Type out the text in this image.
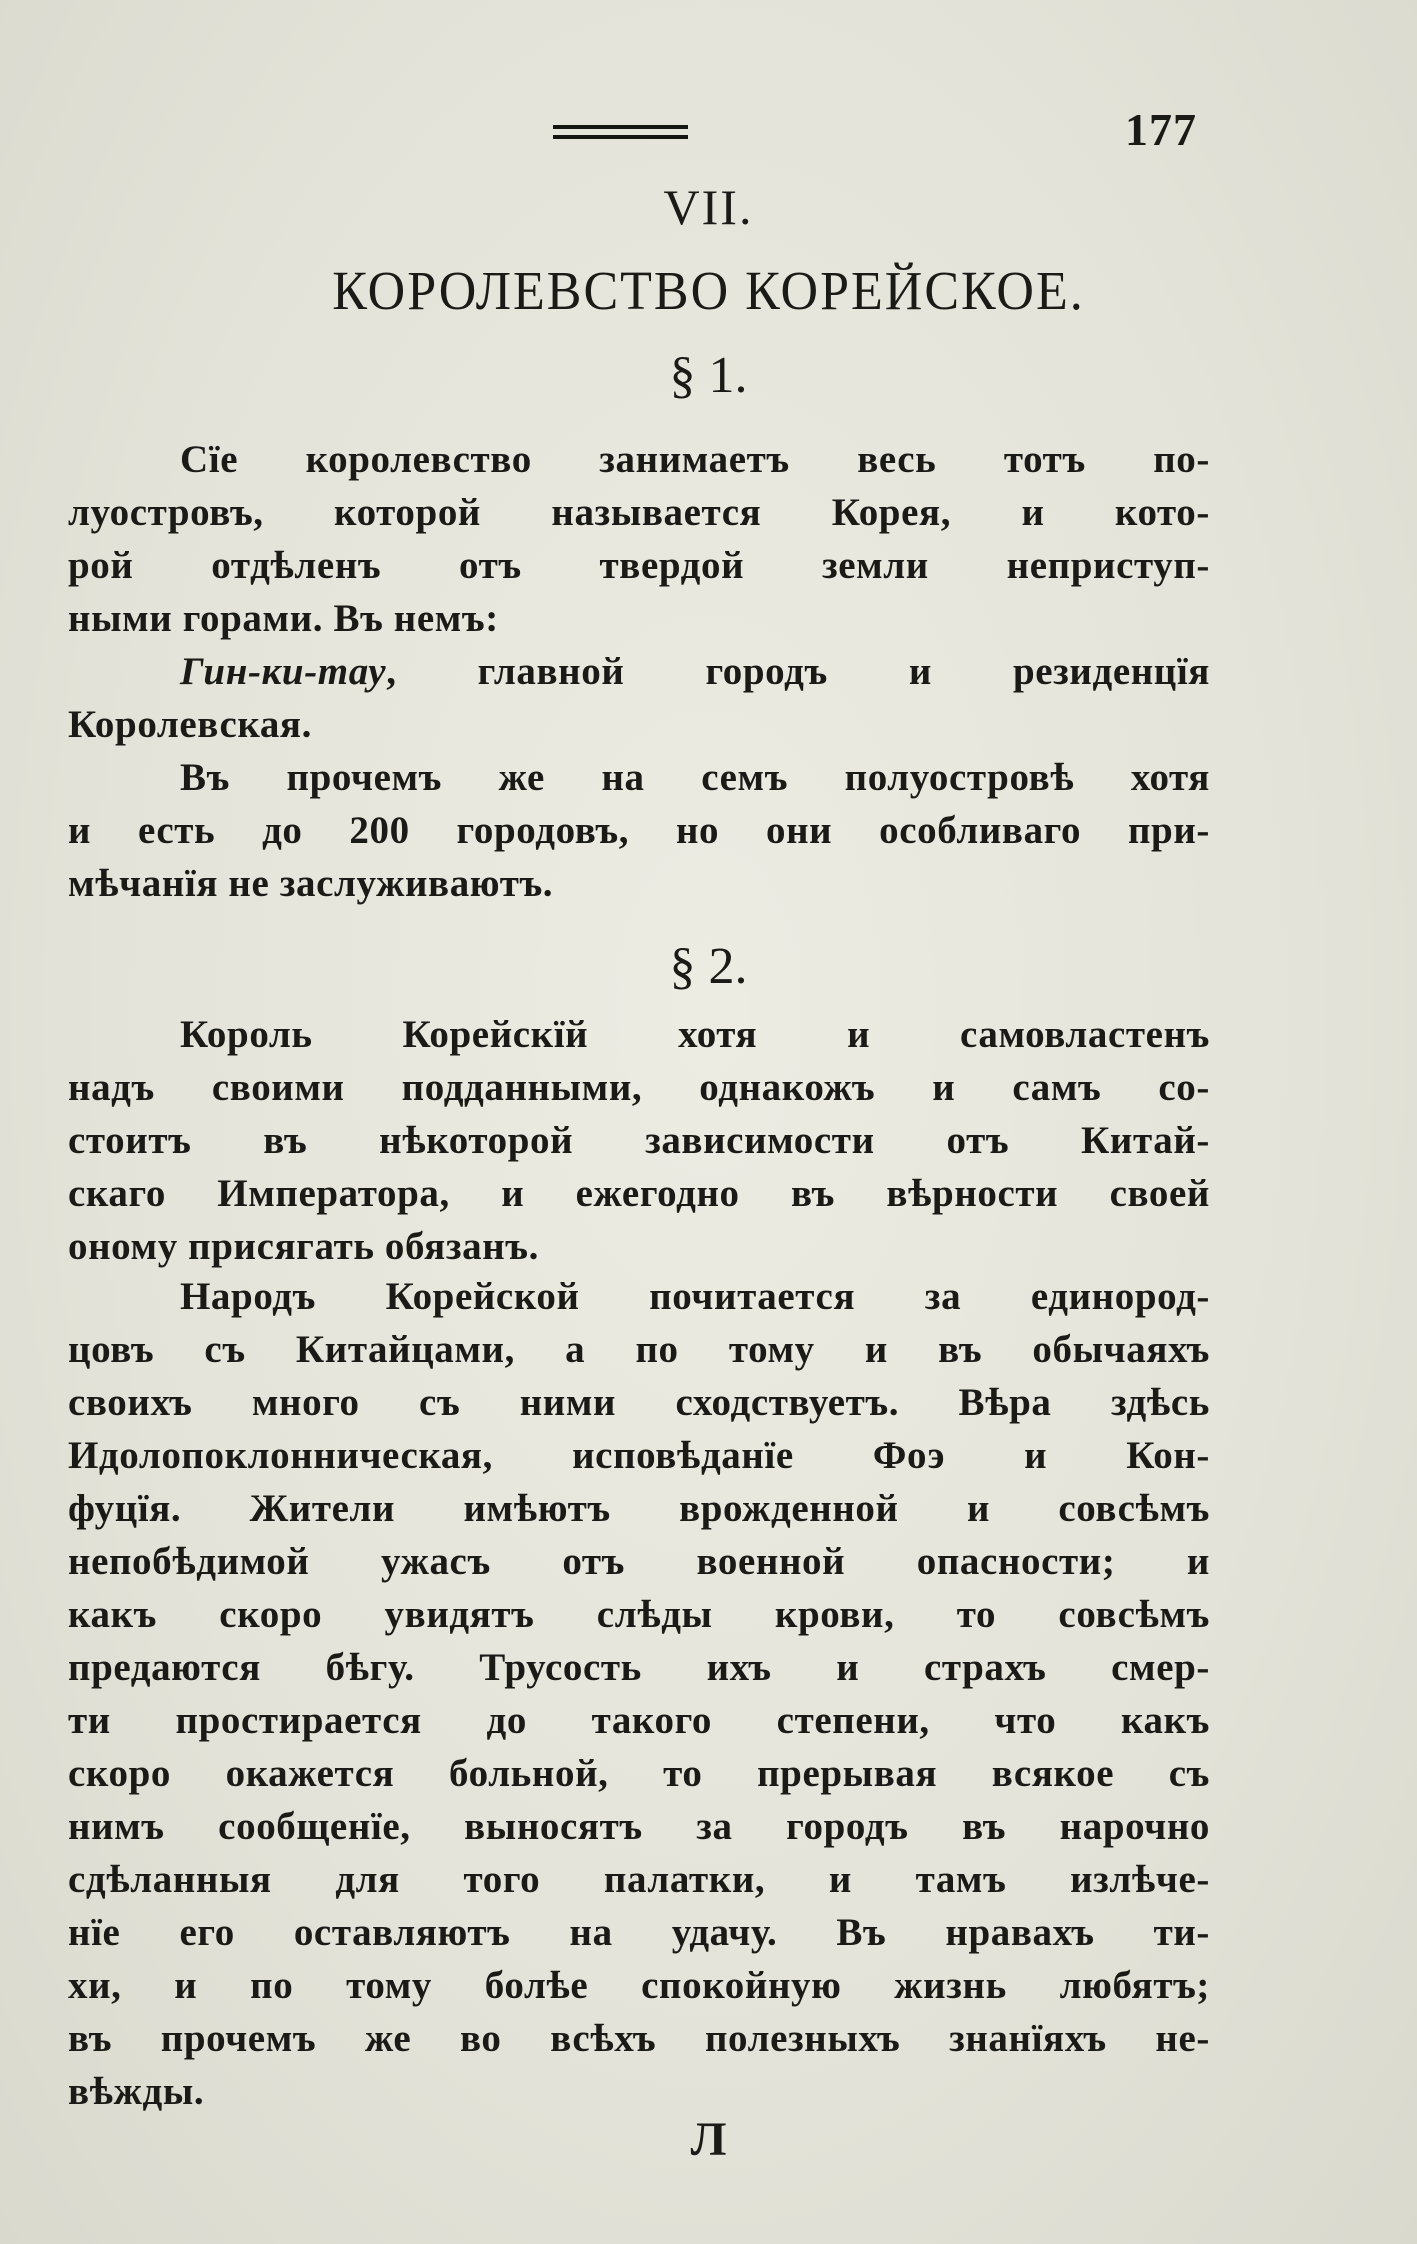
177
VII.
КОРОЛЕВСТВО КОРЕЙСКОЕ.
§ 1.
Сїе королевство занимаетъ весь тотъ по-
луостровъ, которой называется Корея, и кото-
рой отдѣленъ отъ твердой земли неприступ-
ными горами. Въ немъ:
Гин-ки-тау, главной городъ и резиденцїя
Королевская.
Въ прочемъ же на семъ полуостровѣ хотя
и есть до 200 городовъ, но они особливаго при-
мѣчанїя не заслуживаютъ.
§ 2.
Король Корейскїй хотя и самовластенъ
надъ своими подданными, однакожъ и самъ со-
стоитъ въ нѣкоторой зависимости отъ Китай-
скаго Императора, и ежегодно въ вѣрности своей
оному присягать обязанъ.
Народъ Корейской почитается за единород-
цовъ съ Китайцами, а по тому и въ обычаяхъ
своихъ много съ ними сходствуетъ. Вѣра здѣсь
Идолопоклонническая, исповѣданїе Фоэ и Кон-
фуцїя. Жители имѣютъ врожденной и совсѣмъ
непобѣдимой ужасъ отъ военной опасности; и
какъ скоро увидятъ слѣды крови, то совсѣмъ
предаются бѣгу. Трусость ихъ и страхъ смер-
ти простирается до такого степени, что какъ
скоро окажется больной, то прерывая всякое съ
нимъ сообщенїе, выносятъ за городъ въ нарочно
сдѣланныя для того палатки, и тамъ излѣче-
нїе его оставляютъ на удачу. Въ нравахъ ти-
хи, и по тому болѣе спокойную жизнь любятъ;
въ прочемъ же во всѣхъ полезныхъ знанїяхъ не-
вѣжды.
Л
